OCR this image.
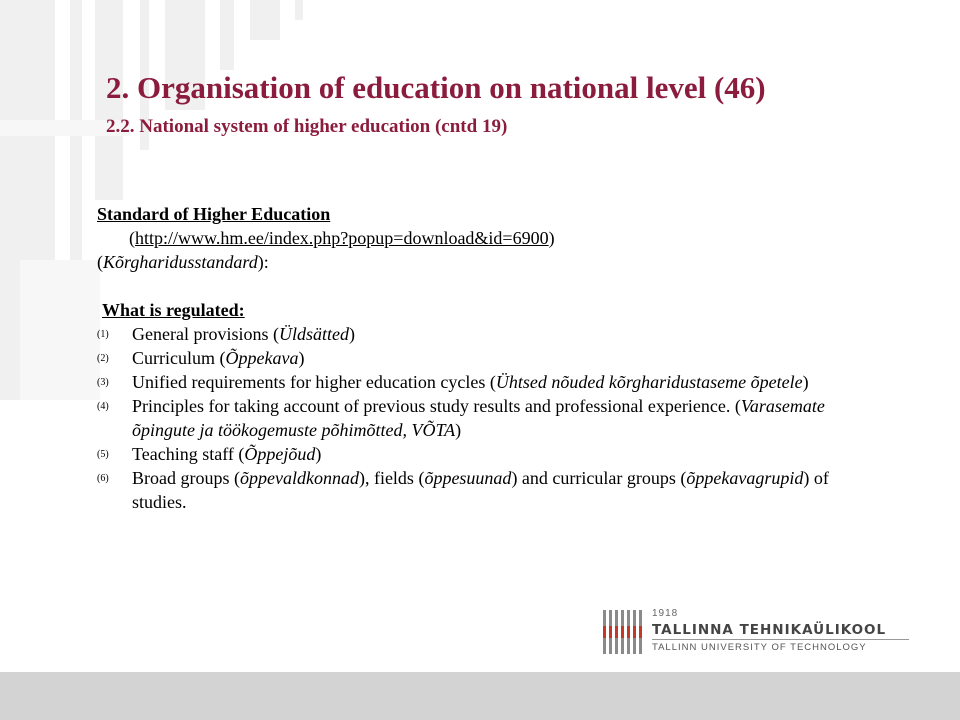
2. Organisation of education on national level (46)
2.2. National system of higher education (cntd 19)
Standard of Higher Education
(http://www.hm.ee/index.php?popup=download&id=6900)
(Kõrgharidusstandard):
What is regulated:
(1) General provisions (Üldsätted)
(2) Curriculum (Õppekava)
(3) Unified requirements for higher education cycles (Ühtsed nõuded kõrgharidustaseme õpetele)
(4) Principles for taking account of previous study results and professional experience. (Varasemate õpingute ja töökogemuste põhimõtted, VÕTA)
(5) Teaching staff (Õppejõud)
(6) Broad groups (õppevaldkonnad), fields (õppesuunad) and curricular groups (õppekavagrupid) of studies.
1918
TALLINNA TEHNIKAÜLIKOOL
TALLINN UNIVERSITY OF TECHNOLOGY
